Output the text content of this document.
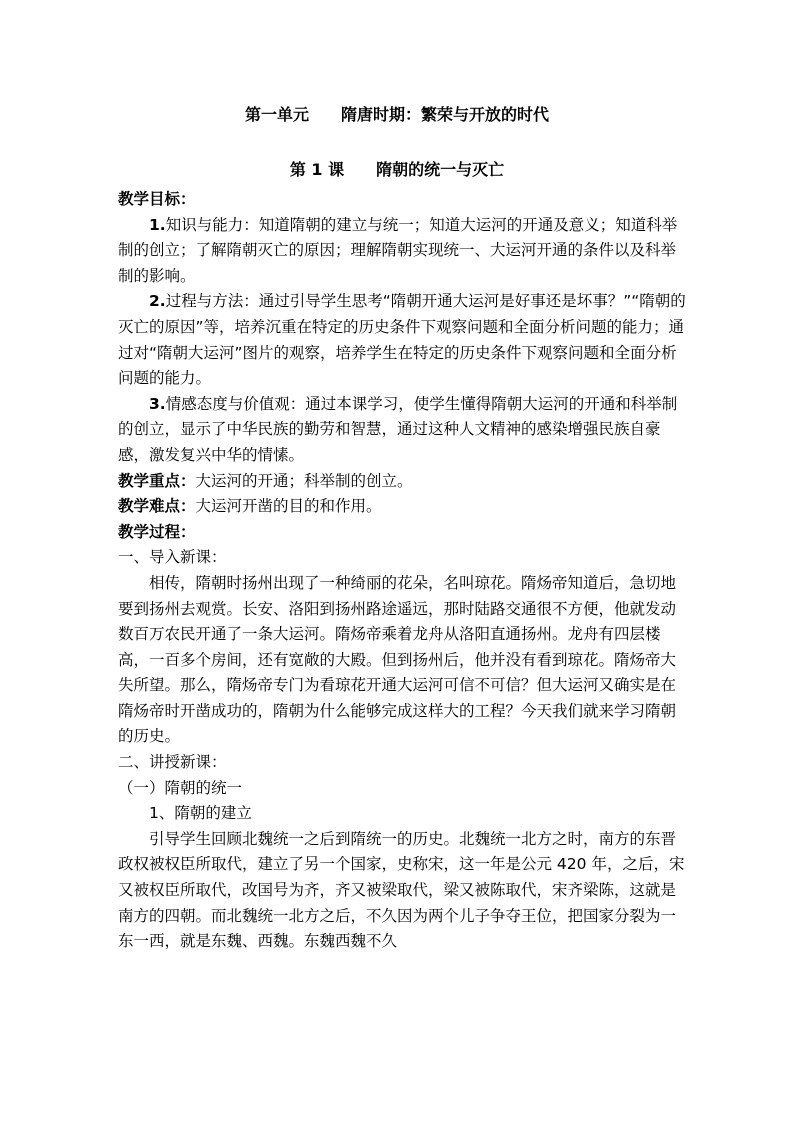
第一单元　　隋唐时期：繁荣与开放的时代
第 1 课　　隋朝的统一与灭亡

教学目标：

1.知识与能力：知道隋朝的建立与统一；知道大运河的开通及意义；知道科举制的创立；了解隋朝灭亡的原因；理解隋朝实现统一、大运河开通的条件以及科举制的影响。

2.过程与方法：通过引导学生思考“隋朝开通大运河是好事还是坏事？”“隋朝的灭亡的原因”等，培养沉重在特定的历史条件下观察问题和全面分析问题的能力；通过对“隋朝大运河”图片的观察，培养学生在特定的历史条件下观察问题和全面分析问题的能力。

3.情感态度与价值观：通过本课学习，使学生懂得隋朝大运河的开通和科举制的创立，显示了中华民族的勤劳和智慧，通过这种人文精神的感染增强民族自豪感，激发复兴中华的情愫。

教学重点：大运河的开通；科举制的创立。

教学难点：大运河开凿的目的和作用。

教学过程：

一、导入新课：

相传，隋朝时扬州出现了一种绮丽的花朵，名叫琼花。隋炀帝知道后，急切地要到扬州去观赏。长安、洛阳到扬州路途遥远，那时陆路交通很不方便，他就发动数百万农民开通了一条大运河。隋炀帝乘着龙舟从洛阳直通扬州。龙舟有四层楼高，一百多个房间，还有宽敞的大殿。但到扬州后，他并没有看到琼花。隋炀帝大失所望。那么，隋炀帝专门为看琼花开通大运河可信不可信？但大运河又确实是在隋炀帝时开凿成功的，隋朝为什么能够完成这样大的工程？今天我们就来学习隋朝的历史。

二、讲授新课：

（一）隋朝的统一

1、隋朝的建立

引导学生回顾北魏统一之后到隋统一的历史。北魏统一北方之时，南方的东晋政权被权臣所取代，建立了另一个国家，史称宋，这一年是公元 420 年，之后，宋又被权臣所取代，改国号为齐，齐又被梁取代，梁又被陈取代，宋齐梁陈，这就是南方的四朝。而北魏统一北方之后，不久因为两个儿子争夺王位，把国家分裂为一东一西，就是东魏、西魏。东魏西魏不久
